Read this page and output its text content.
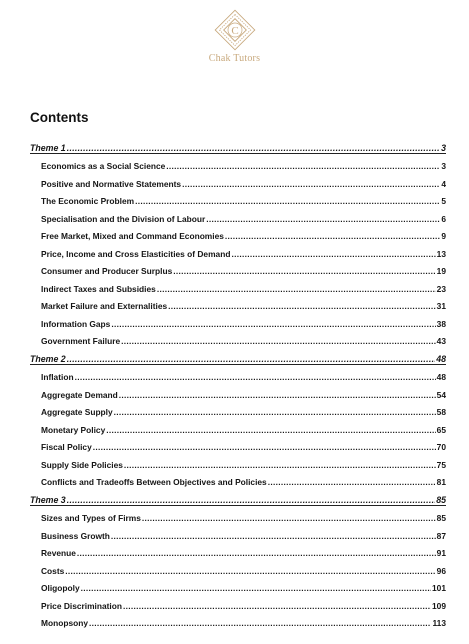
C
Chak Tutors
Contents
Theme 1 .....	3
Economics as a Social Science .....	3
Positive and Normative Statements .....	4
The Economic Problem .....	5
Specialisation and the Division of Labour .....	6
Free Market, Mixed and Command Economies .....	9
Price, Income and Cross Elasticities of Demand .....	13
Consumer and Producer Surplus .....	19
Indirect Taxes and Subsidies .....	23
Market Failure and Externalities .....	31
Information Gaps .....	38
Government Failure .....	43
Theme 2 .....	48
Inflation .....	48
Aggregate Demand .....	54
Aggregate Supply .....	58
Monetary Policy .....	65
Fiscal Policy .....	70
Supply Side Policies .....	75
Conflicts and Tradeoffs Between Objectives and Policies .....	81
Theme 3 .....	85
Sizes and Types of Firms .....	85
Business Growth .....	87
Revenue .....	91
Costs .....	96
Oligopoly .....	101
Price Discrimination .....	109
Monopsony .....	113
